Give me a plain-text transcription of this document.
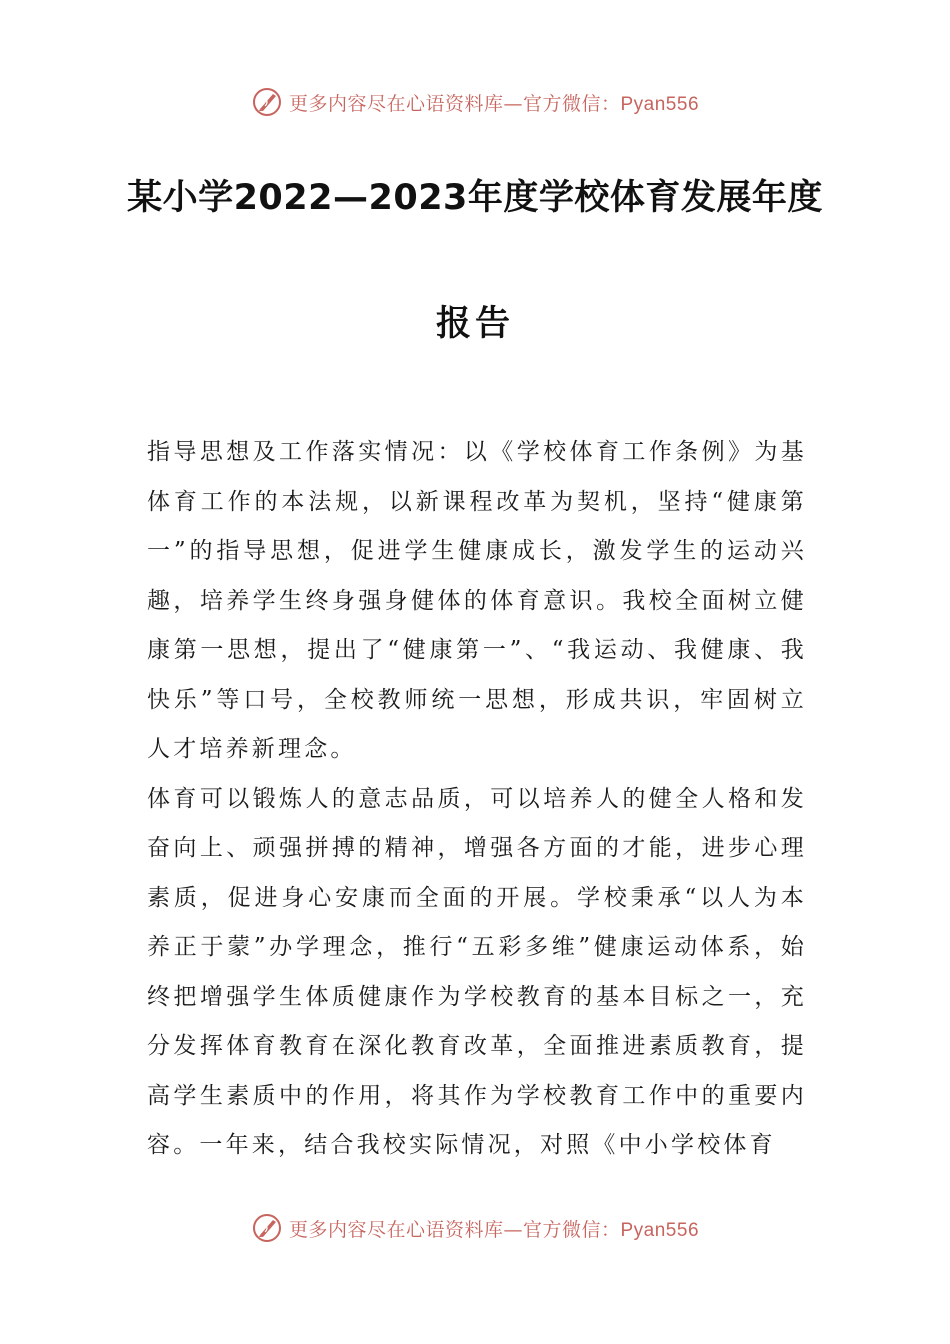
更多内容尽在心语资料库—官方微信：Pyan556
某小学2022—2023年度学校体育发展年度
报告

指导思想及工作落实情况：以《学校体育工作条例》为基体育工作的本法规，以新课程改革为契机，坚持“健康第一”的指导思想，促进学生健康成长，激发学生的运动兴趣，培养学生终身强身健体的体育意识。我校全面树立健康第一思想，提出了“健康第一”、“我运动、我健康、我快乐”等口号，全校教师统一思想，形成共识，牢固树立人才培养新理念。

体育可以锻炼人的意志品质，可以培养人的健全人格和发奋向上、顽强拼搏的精神，增强各方面的才能，进步心理素质，促进身心安康而全面的开展。学校秉承“以人为本养正于蒙”办学理念，推行“五彩多维”健康运动体系，始终把增强学生体质健康作为学校教育的基本目标之一，充分发挥体育教育在深化教育改革，全面推进素质教育，提高学生素质中的作用，将其作为学校教育工作中的重要内容。一年来，结合我校实际情况，对照《中小学校体育

更多内容尽在心语资料库—官方微信：Pyan556
